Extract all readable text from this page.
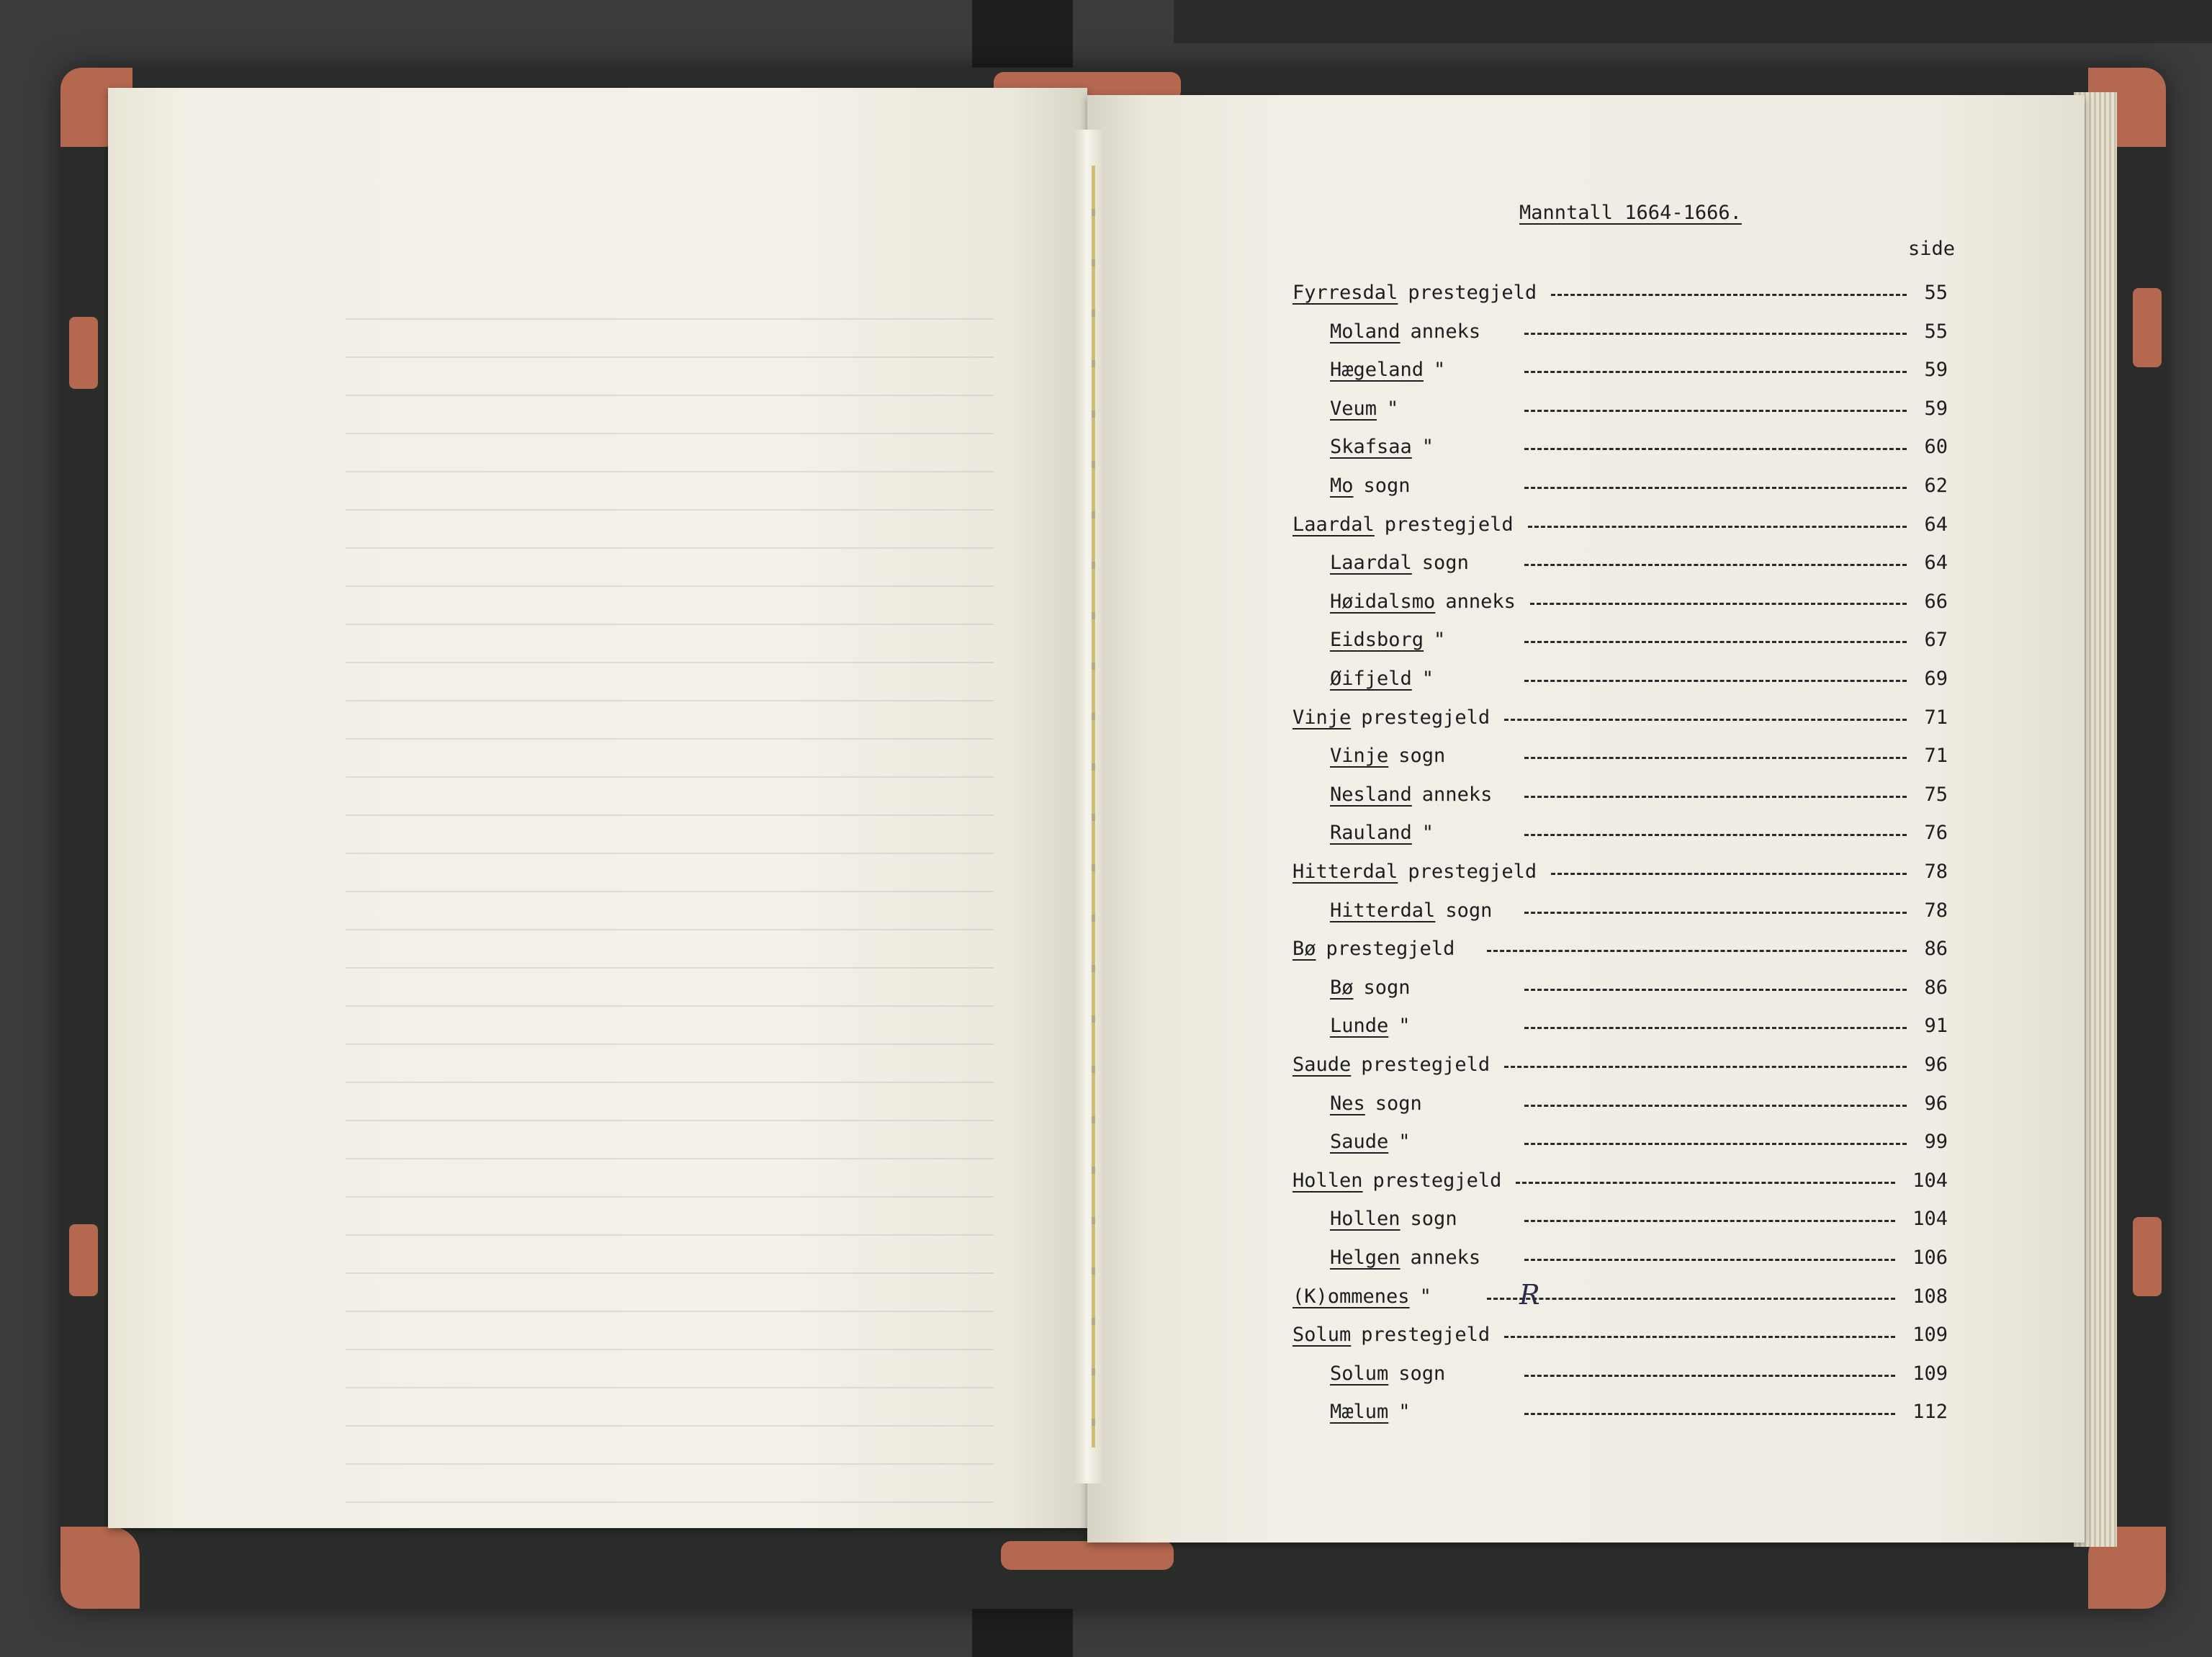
Manntall 1664-1666.
side
R
Fyrresdal prestegjeld	55
Moland anneks	55
Hægeland "	59
Veum "	59
Skafsaa "	60
Mo sogn	62
Laardal prestegjeld	64
Laardal sogn	64
Høidalsmo anneks	66
Eidsborg "	67
Øifjeld "	69
Vinje prestegjeld	71
Vinje sogn	71
Nesland anneks	75
Rauland "	76
Hitterdal prestegjeld	78
Hitterdal sogn	78
Bø prestegjeld	86
Bø sogn	86
Lunde "	91
Saude prestegjeld	96
Nes sogn	96
Saude "	99
Hollen prestegjeld	104
Hollen sogn	104
Helgen anneks	106
(K)ommenes "	108
Solum prestegjeld	109
Solum sogn	109
Mælum "	112
